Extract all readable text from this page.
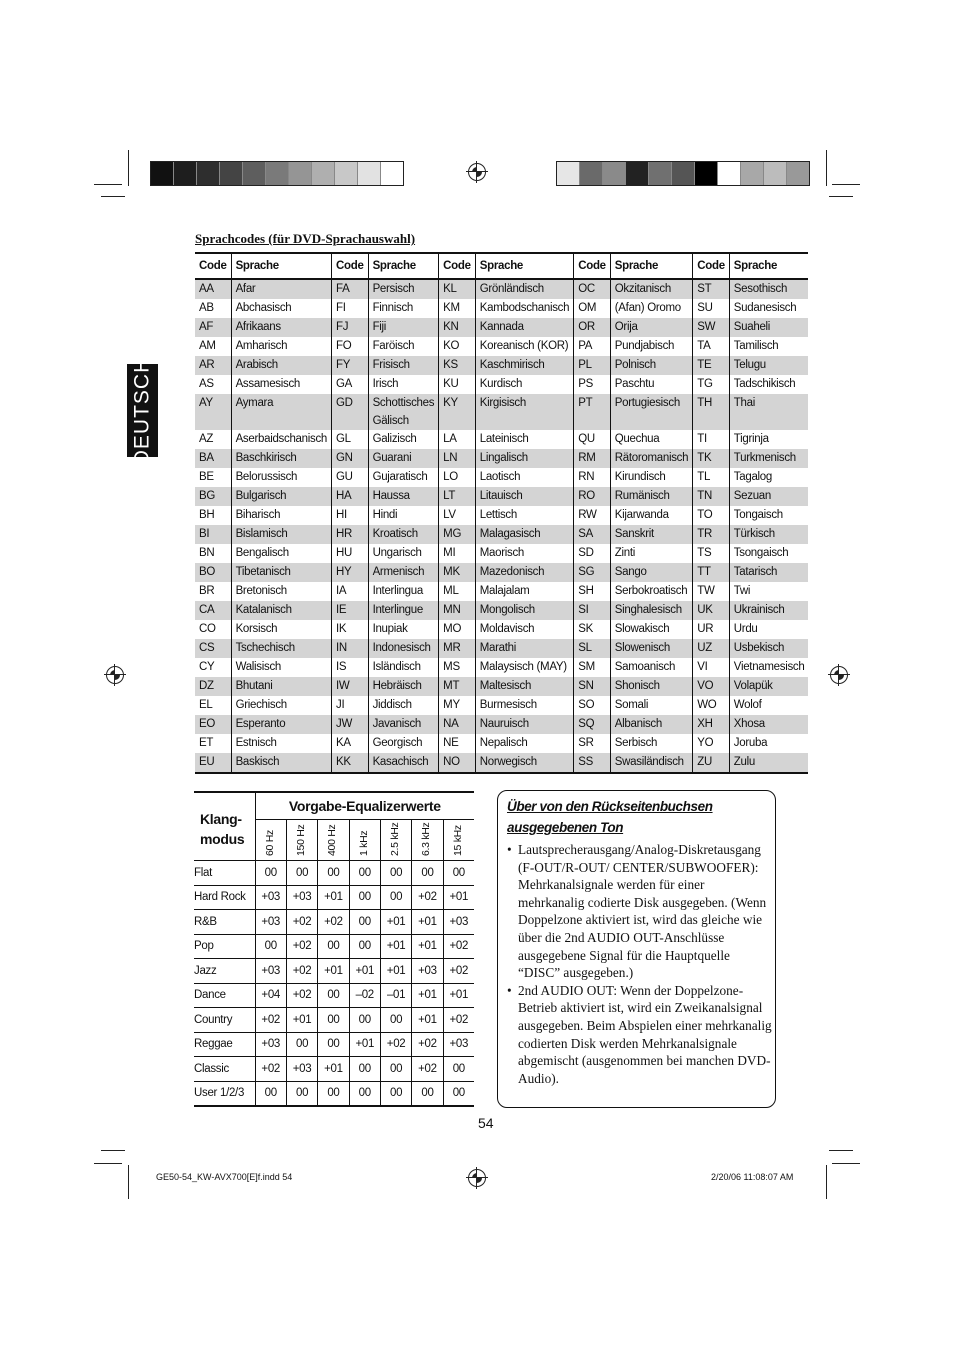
DEUTSCH
Sprachcodes (für DVD-Sprachauswahl)
Code	Sprache	Code	Sprache	Code	Sprache	Code	Sprache	Code	Sprache
AA	Afar	FA	Persisch	KL	Grönländisch	OC	Okzitanisch	ST	Sesothisch
AB	Abchasisch	FI	Finnisch	KM	Kambodschanisch	OM	(Afan) Oromo	SU	Sudanesisch
AF	Afrikaans	FJ	Fiji	KN	Kannada	OR	Orija	SW	Suaheli
AM	Amharisch	FO	Faröisch	KO	Koreanisch (KOR)	PA	Pundjabisch	TA	Tamilisch
AR	Arabisch	FY	Frisisch	KS	Kaschmirisch	PL	Polnisch	TE	Telugu
AS	Assamesisch	GA	Irisch	KU	Kurdisch	PS	Paschtu	TG	Tadschikisch
AY	Aymara	GD	Schottisches Gälisch	KY	Kirgisisch	PT	Portugiesisch	TH	Thai
AZ	Aserbaidschanisch	GL	Galizisch	LA	Lateinisch	QU	Quechua	TI	Tigrinja
BA	Baschkirisch	GN	Guarani	LN	Lingalisch	RM	Rätoromanisch	TK	Turkmenisch
BE	Belorussisch	GU	Gujaratisch	LO	Laotisch	RN	Kirundisch	TL	Tagalog
BG	Bulgarisch	HA	Haussa	LT	Litauisch	RO	Rumänisch	TN	Sezuan
BH	Biharisch	HI	Hindi	LV	Lettisch	RW	Kijarwanda	TO	Tongaisch
BI	Bislamisch	HR	Kroatisch	MG	Malagasisch	SA	Sanskrit	TR	Türkisch
BN	Bengalisch	HU	Ungarisch	MI	Maorisch	SD	Zinti	TS	Tsongaisch
BO	Tibetanisch	HY	Armenisch	MK	Mazedonisch	SG	Sango	TT	Tatarisch
BR	Bretonisch	IA	Interlingua	ML	Malajalam	SH	Serbokroatisch	TW	Twi
CA	Katalanisch	IE	Interlingue	MN	Mongolisch	SI	Singhalesisch	UK	Ukrainisch
CO	Korsisch	IK	Inupiak	MO	Moldavisch	SK	Slowakisch	UR	Urdu
CS	Tschechisch	IN	Indonesisch	MR	Marathi	SL	Slowenisch	UZ	Usbekisch
CY	Walisisch	IS	Isländisch	MS	Malaysisch (MAY)	SM	Samoanisch	VI	Vietnamesisch
DZ	Bhutani	IW	Hebräisch	MT	Maltesisch	SN	Shonisch	VO	Volapük
EL	Griechisch	JI	Jiddisch	MY	Burmesisch	SO	Somali	WO	Wolof
EO	Esperanto	JW	Javanisch	NA	Nauruisch	SQ	Albanisch	XH	Xhosa
ET	Estnisch	KA	Georgisch	NE	Nepalisch	SR	Serbisch	YO	Joruba
EU	Baskisch	KK	Kasachisch	NO	Norwegisch	SS	Swasiländisch	ZU	Zulu
Klang-
modus	Vorgabe-Equalizerwerte						

	60 Hz	150 Hz	400 Hz	1 kHz	2.5 kHz	6.3 kHz	15 kHz

Flat	00	00	00	00	00	00	00
Hard Rock	+03	+03	+01	00	00	+02	+01
R&B	+03	+02	+02	00	+01	+01	+03
Pop	00	+02	00	00	+01	+01	+02
Jazz	+03	+02	+01	+01	+01	+03	+02
Dance	+04	+02	00	–02	–01	+01	+01
Country	+02	+01	00	00	00	+01	+02
Reggae	+03	00	00	+01	+02	+02	+03
Classic	+02	+03	+01	00	00	+02	00
User 1/2/3	00	00	00	00	00	00	00
Über von den Rückseitenbuchsen
ausgegebenen Ton
• Lautsprecherausgang/Analog-Diskretausgang (F-OUT/R-OUT/ CENTER/SUBWOOFER): Mehrkanalsignale werden für einer mehrkanalig codierte Disk ausgegeben. (Wenn Doppelzone aktiviert ist, wird das gleiche wie über die 2nd AUDIO OUT-Anschlüsse ausgegebene Signal für die Hauptquelle “DISC” ausgegeben.)
• 2nd AUDIO OUT: Wenn der Doppelzone-Betrieb aktiviert ist, wird ein Zweikanalsignal ausgegeben. Beim Abspielen einer mehrkanalig codierten Disk werden Mehrkanalsignale abgemischt (ausgenommen bei manchen DVD-Audio).
54
GE50-54_KW-AVX700[E]f.indd 54	2/20/06 11:08:07 AM
